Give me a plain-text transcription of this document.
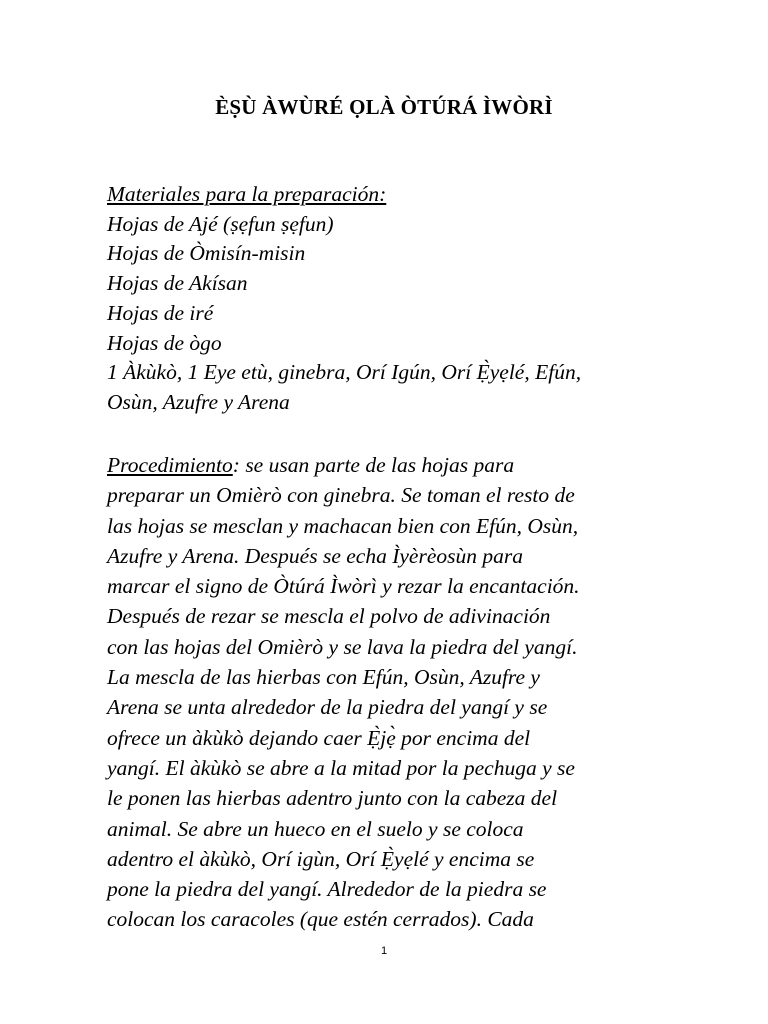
ÈṢÙ ÀWÙRÉ ỌLÀ ÒTÚRÁ ÌWÒRÌ
Materiales para la preparación:
Hojas de Ajé (ṣẹfun ṣẹfun)
Hojas de Òmisín-misin
Hojas de Akísan
Hojas de iré
Hojas de ògo
1 Àkùkò, 1 Eye etù, ginebra, Orí Igún, Orí Ẹ̀yẹlé, Efún,
Osùn, Azufre y Arena
Procedimiento: se usan parte de las hojas para
preparar un Omièrò con ginebra. Se toman el resto de
las hojas se mesclan y machacan bien con Efún, Osùn,
Azufre y Arena. Después se echa Ìyèrèosùn para
marcar el signo de Òtúrá Ìwòrì y rezar la encantación.
Después de rezar se mescla el polvo de adivinación
con las hojas del Omièrò y se lava la piedra del yangí.
La mescla de las hierbas con Efún, Osùn, Azufre y
Arena se unta alrededor de la piedra del yangí y se
ofrece un àkùkò dejando caer Ẹ̀jẹ̀ por encima del
yangí. El àkùkò se abre a la mitad por la pechuga y se
le ponen las hierbas adentro junto con la cabeza del
animal. Se abre un hueco en el suelo y se coloca
adentro el àkùkò, Orí igùn, Orí Ẹ̀yẹlé y encima se
pone la piedra del yangí. Alrededor de la piedra se
colocan los caracoles (que estén cerrados). Cada
1
